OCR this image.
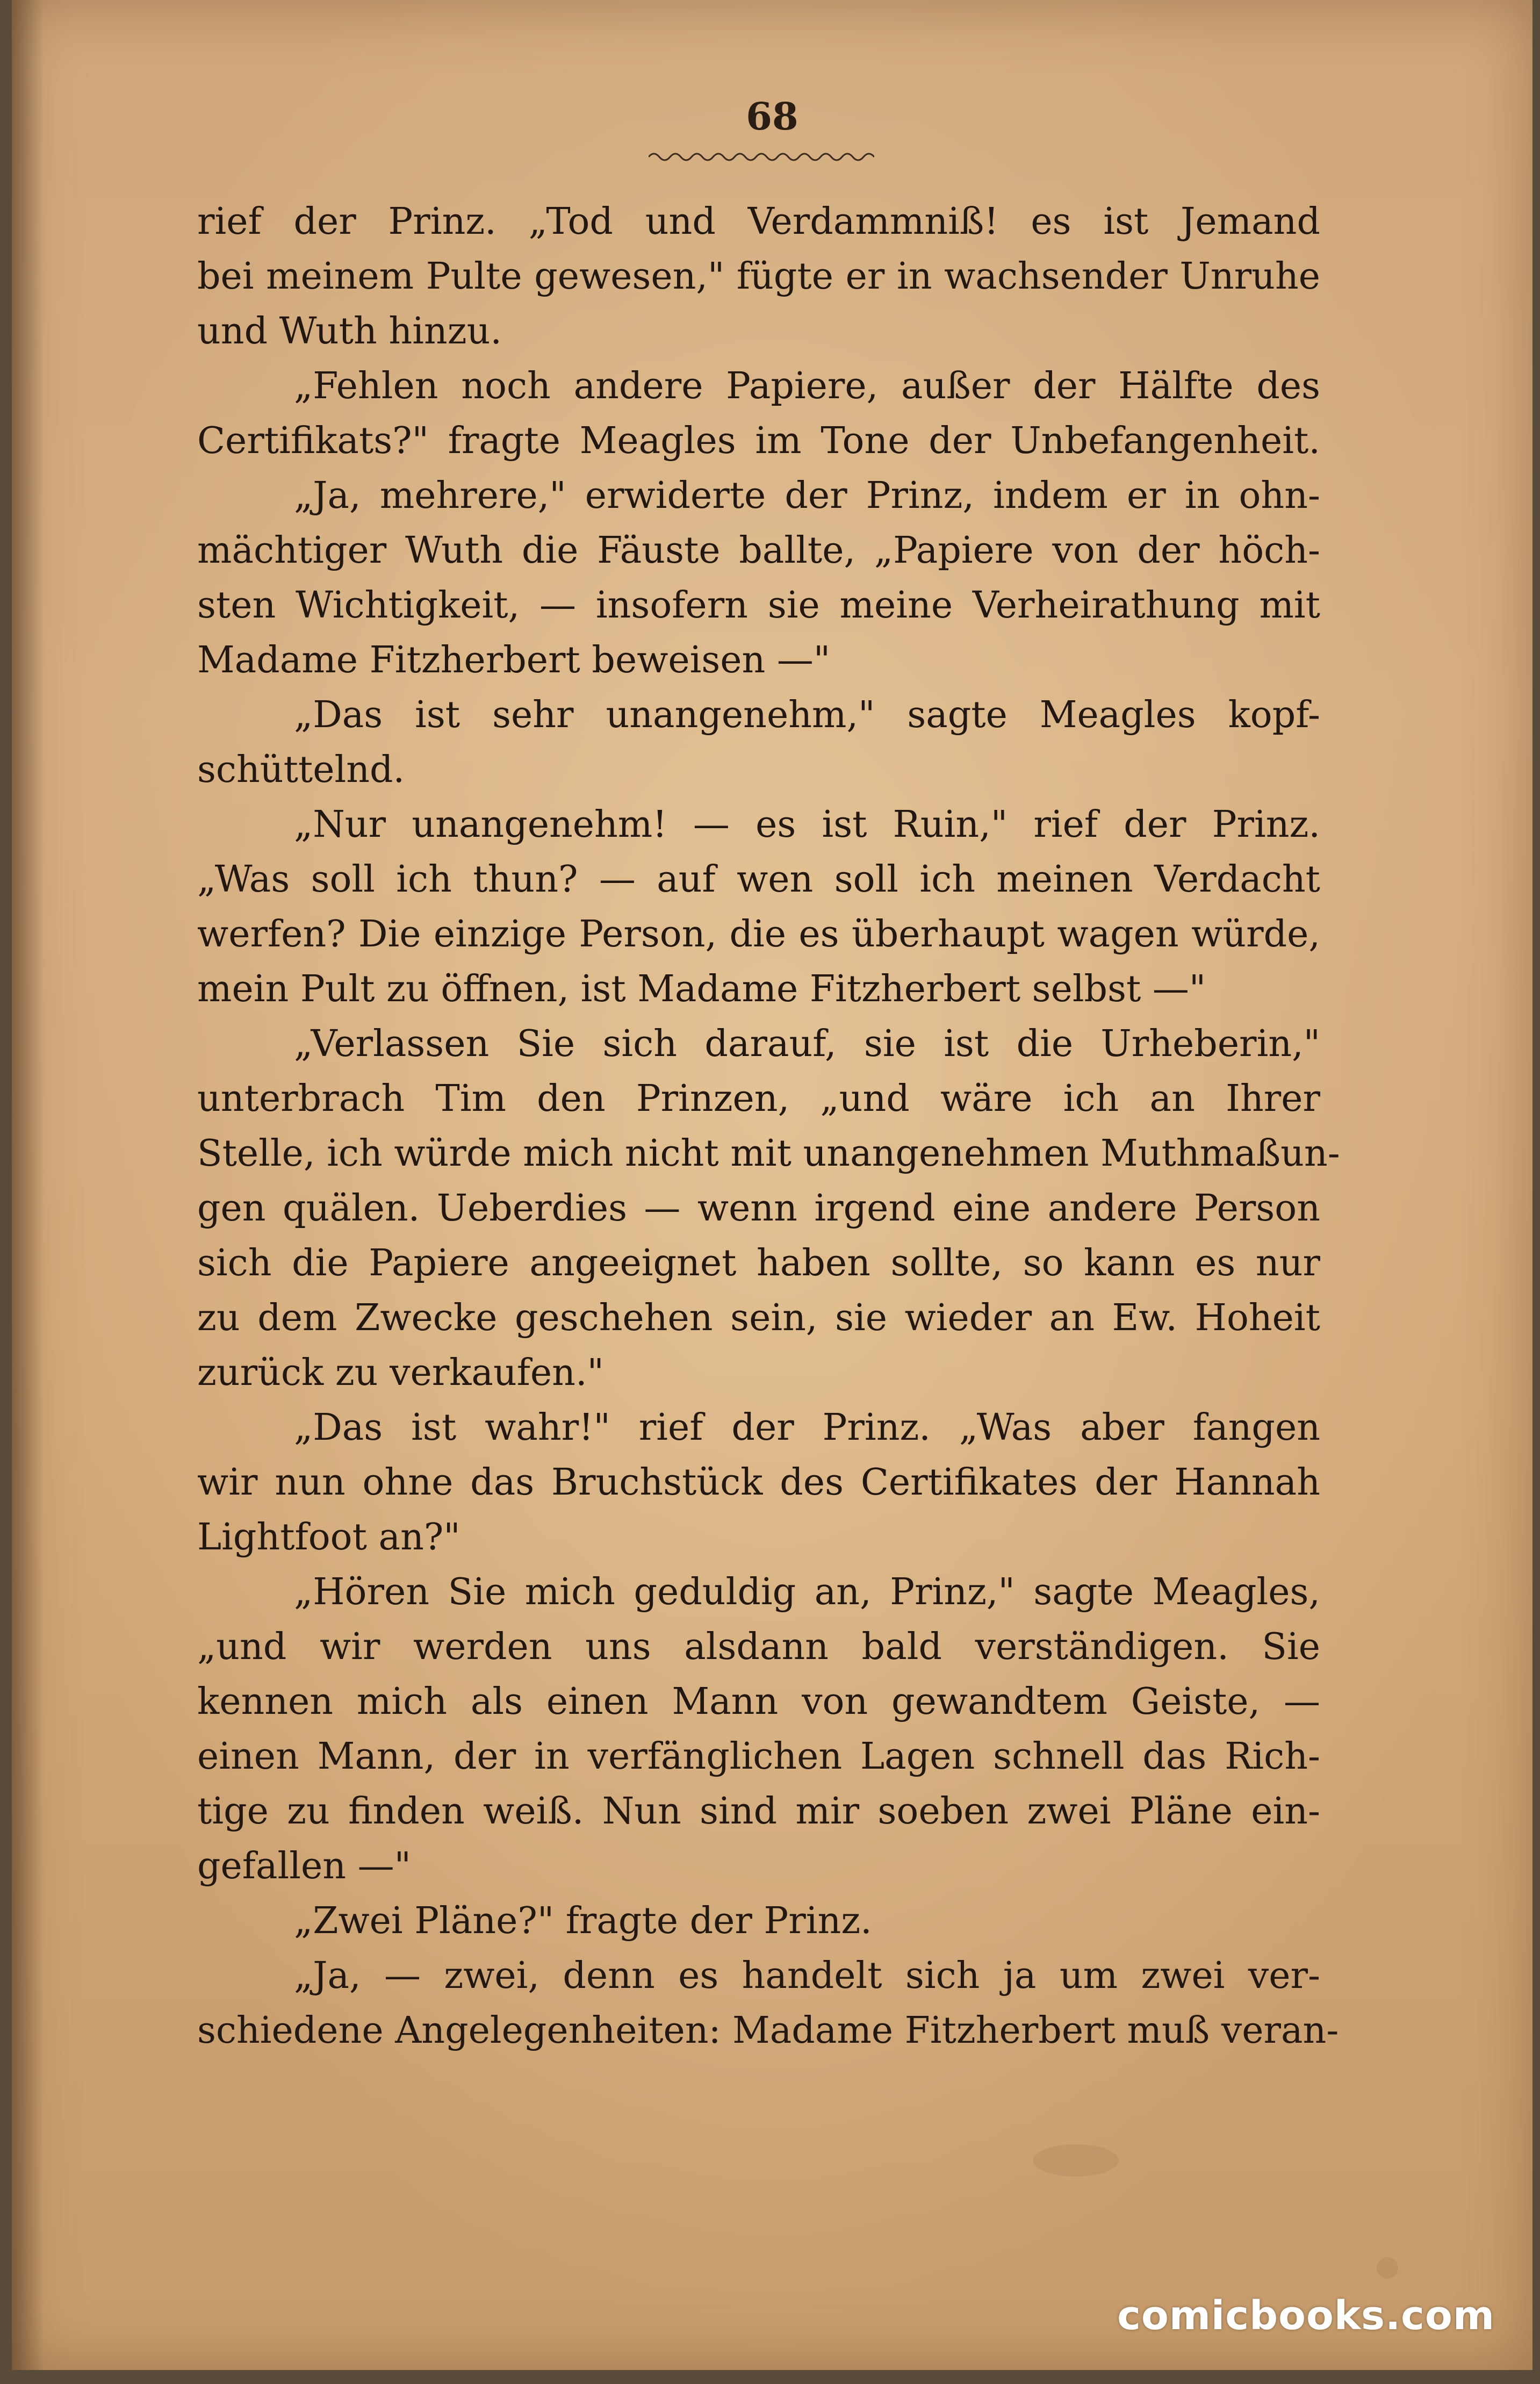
68
rief der Prinz. „Tod und Verdammniß! es ist Jemand
bei meinem Pulte gewesen," fügte er in wachsender Unruhe
und Wuth hinzu.
„Fehlen noch andere Papiere, außer der Hälfte des
Certifikats?" fragte Meagles im Tone der Unbefangenheit.
„Ja, mehrere," erwiderte der Prinz, indem er in ohn-
mächtiger Wuth die Fäuste ballte, „Papiere von der höch-
sten Wichtigkeit, — insofern sie meine Verheirathung mit
Madame Fitzherbert beweisen —"
„Das ist sehr unangenehm," sagte Meagles kopf-
schüttelnd.
„Nur unangenehm! — es ist Ruin," rief der Prinz.
„Was soll ich thun? — auf wen soll ich meinen Verdacht
werfen? Die einzige Person, die es überhaupt wagen würde,
mein Pult zu öffnen, ist Madame Fitzherbert selbst —"
„Verlassen Sie sich darauf, sie ist die Urheberin,"
unterbrach Tim den Prinzen, „und wäre ich an Ihrer
Stelle, ich würde mich nicht mit unangenehmen Muthmaßun-
gen quälen. Ueberdies — wenn irgend eine andere Person
sich die Papiere angeeignet haben sollte, so kann es nur
zu dem Zwecke geschehen sein, sie wieder an Ew. Hoheit
zurück zu verkaufen."
„Das ist wahr!" rief der Prinz. „Was aber fangen
wir nun ohne das Bruchstück des Certifikates der Hannah
Lightfoot an?"
„Hören Sie mich geduldig an, Prinz," sagte Meagles,
„und wir werden uns alsdann bald verständigen. Sie
kennen mich als einen Mann von gewandtem Geiste, —
einen Mann, der in verfänglichen Lagen schnell das Rich-
tige zu finden weiß. Nun sind mir soeben zwei Pläne ein-
gefallen —"
„Zwei Pläne?" fragte der Prinz.
„Ja, — zwei, denn es handelt sich ja um zwei ver-
schiedene Angelegenheiten: Madame Fitzherbert muß veran-
comicbooks.com
